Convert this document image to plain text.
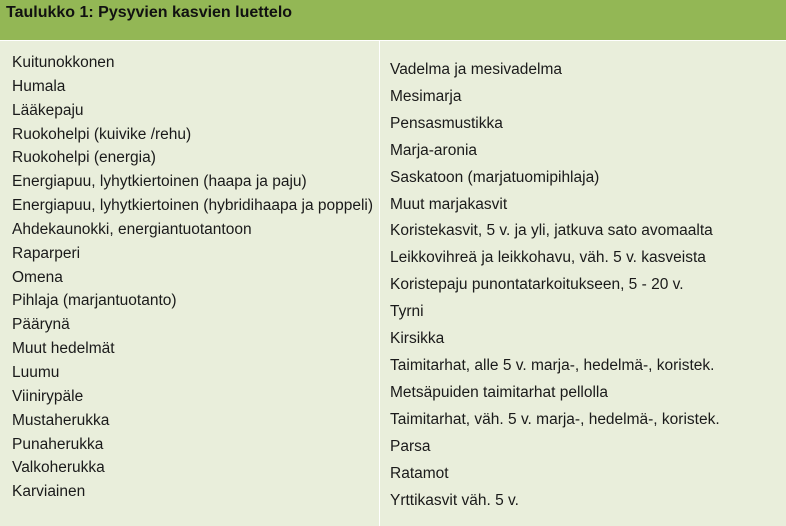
Taulukko 1: Pysyvien kasvien luettelo
Kuitunokkonen
Humala
Lääkepaju
Ruokohelpi (kuivike /rehu)
Ruokohelpi (energia)
Energiapuu, lyhytkiertoinen (haapa ja paju)
Energiapuu, lyhytkiertoinen (hybridihaapa ja poppeli)
Ahdekaunokki, energiantuotantoon
Raparperi
Omena
Pihlaja (marjantuotanto)
Päärynä
Muut hedelmät
Luumu
Viinirypäle
Mustaherukka
Punaherukka
Valkoherukka
Karviainen
Vadelma ja mesivadelma
Mesimarja
Pensasmustikka
Marja-aronia
Saskatoon (marjatuomipihlaja)
Muut marjakasvit
Koristekasvit, 5 v. ja yli, jatkuva sato avomaalta
Leikkovihreä ja leikkohavu, väh. 5 v. kasveista
Koristepaju punontatarkoitukseen, 5 - 20 v.
Tyrni
Kirsikka
Taimitarhat, alle 5 v. marja-, hedelmä-, koristek.
Metsäpuiden taimitarhat pellolla
Taimitarhat, väh. 5 v. marja-, hedelmä-, koristek.
Parsa
Ratamot
Yrttikasvit väh. 5 v.
